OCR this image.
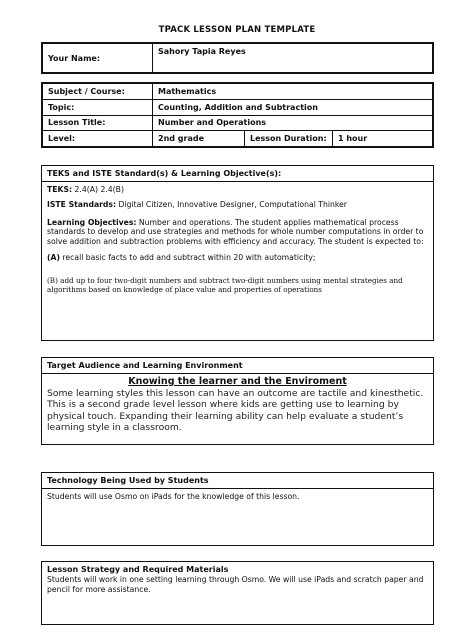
TPACK LESSON PLAN TEMPLATE
Your Name:	Sahory Tapia Reyes
Subject / Course:	Mathematics		
Topic:	Counting, Addition and Subtraction		
Lesson Title:	Number and Operations		
Level:	2nd grade	Lesson Duration:	1 hour
TEKS and ISTE Standard(s) & Learning Objective(s):

TEKS: 2.4(A) 2.4(B)

ISTE Standards: Digital Citizen, Innovative Designer, Computational Thinker

Learning Objectives: Number and operations. The student applies mathematical process standards to develop and use strategies and methods for whole number computations in order to solve addition and subtraction problems with efficiency and accuracy. The student is expected to:

(A) recall basic facts to add and subtract within 20 with automaticity;

(B) add up to four two-digit numbers and subtract two-digit numbers using mental strategies and algorithms based on knowledge of place value and properties of operations

Target Audience and Learning Environment
Knowing the learner and the Enviroment

Some learning styles this lesson can have an outcome are tactile and kinesthetic. This is a second grade level lesson where kids are getting use to learning by physical touch. Expanding their learning ability can help evaluate a student’s learning style in a classroom.

Technology Being Used by Students

Students will use Osmo on iPads for the knowledge of this lesson.

Lesson Strategy and Required Materials

Students will work in one setting learning through Osmo. We will use iPads and scratch paper and pencil for more assistance.
